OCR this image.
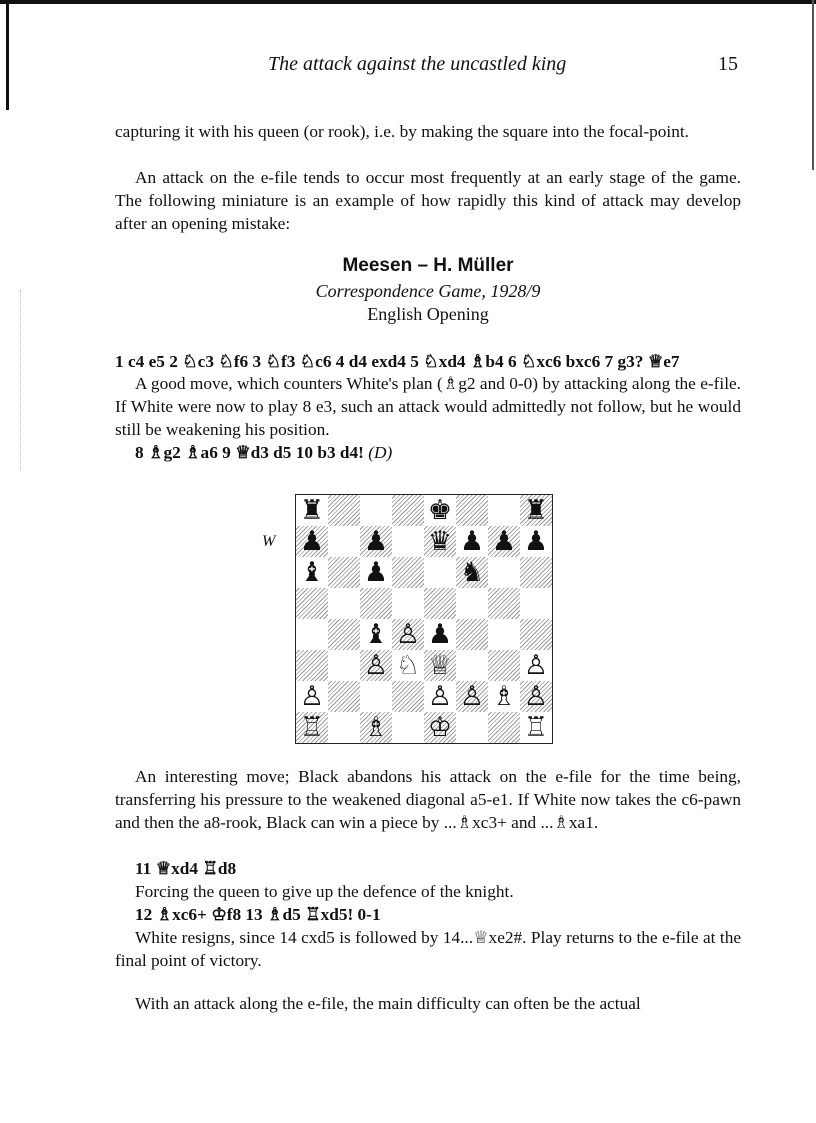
The attack against the uncastled king	15
capturing it with his queen (or rook), i.e. by making the square into the focal-point.
An attack on the e-file tends to occur most frequently at an early stage of the game. The following miniature is an example of how rapidly this kind of attack may develop after an opening mistake:
Meesen – H. Müller
Correspondence Game, 1928/9
English Opening
1 c4 e5 2 ♘c3 ♘f6 3 ♘f3 ♘c6 4 d4 exd4 5 ♘xd4 ♗b4 6 ♘xc6 bxc6 7 g3? ♕e7
A good move, which counters White's plan (♗g2 and 0-0) by attacking along the e-file. If White were now to play 8 e3, such an attack would admittedly not follow, but he would still be weakening his position.
8 ♗g2 ♗a6 9 ♕d3 d5 10 b3 d4! (D)
W
♜	♚	♜
♟ ♟ ♛ ♟ ♟ ♟
♝ ♟	♞
♝ ♙ ♟
♙ ♘ ♕	♙
♙	♙ ♙ ♗ ♙
♖ ♗ ♔	♖
An interesting move; Black abandons his attack on the e-file for the time being, transferring his pressure to the weakened diagonal a5-e1. If White now takes the c6-pawn and then the a8-rook, Black can win a piece by ...♗xc3+ and ...♗xa1.
11 ♕xd4 ♖d8
Forcing the queen to give up the defence of the knight.
12 ♗xc6+ ♔f8 13 ♗d5 ♖xd5! 0-1
White resigns, since 14 cxd5 is followed by 14...♕xe2#. Play returns to the e-file at the final point of victory.
With an attack along the e-file, the main difficulty can often be the actual
